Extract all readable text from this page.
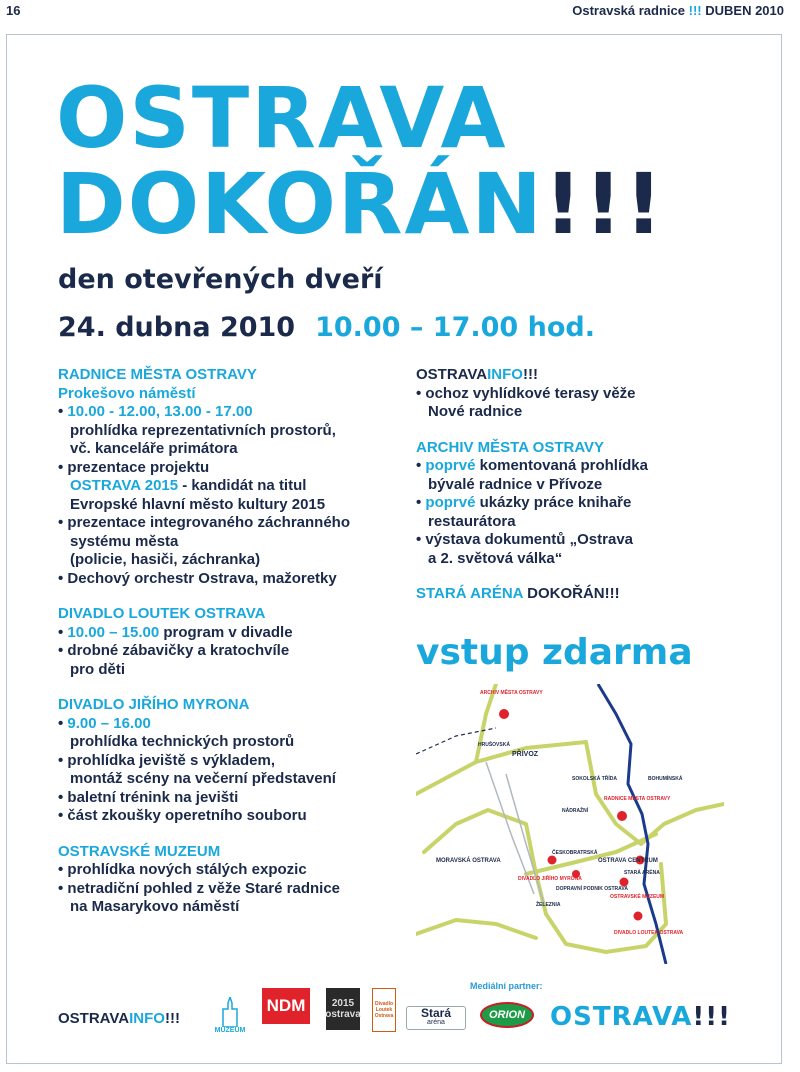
16	Ostravská radnice !!! DUBEN 2010
OSTRAVA
DOKOŘÁN!!!
den otevřených dveří
24. dubna 2010 10.00 – 17.00 hod.
RADNICE MĚSTA OSTRAVY
Prokešovo náměstí
• 10.00 - 12.00, 13.00 - 17.00
prohlídka reprezentativních prostorů,
vč. kanceláře primátora
• prezentace projektu
OSTRAVA 2015 - kandidát na titul
Evropské hlavní město kultury 2015
• prezentace integrovaného záchranného
systému města
(policie, hasiči, záchranka)
• Dechový orchestr Ostrava, mažoretky
DIVADLO LOUTEK OSTRAVA
• 10.00 – 15.00 program v divadle
• drobné zábavičky a kratochvíle
pro děti
DIVADLO JIŘÍHO MYRONA
• 9.00 – 16.00
prohlídka technických prostorů
• prohlídka jeviště s výkladem,
montáž scény na večerní představení
• baletní trénink na jevišti
• část zkoušky operetního souboru
OSTRAVSKÉ MUZEUM
• prohlídka nových stálých expozic
• netradiční pohled z věže Staré radnice
na Masarykovo náměstí
OSTRAVAINFO!!!
• ochoz vyhlídkové terasy věže
Nové radnice
ARCHIV MĚSTA OSTRAVY
• poprvé komentovaná prohlídka
bývalé radnice v Přívoze
• poprvé ukázky práce knihaře
restaurátora
• výstava dokumentů „Ostrava
a 2. světová válka“
STARÁ ARÉNA DOKOŘÁN!!!
vstup zdarma
ARCHIV MĚSTA OSTRAVY
PŘÍVOZ
HRUŠOVSKÁ
RADNICE MĚSTA OSTRAVY
NÁDRAŽNÍ
ČESKOBRATRSKÁ
MORAVSKÁ OSTRAVA	OSTRAVA CENTRUM
STARÁ ARÉNA
DIVADLO JIŘÍHO MYRONA
DOPRAVNÍ PODNIK OSTRAVA
OSTRAVSKÉ MUZEUM
ŽELEZNIA
DIVADLO LOUTEK OSTRAVA
BOHUMÍNSKÁ
SOKOLSKÁ TŘÍDA
Mediální partner:
OSTRAVAINFO!!!
MUZEUM
NDM	2015
ostrava
Divadlo
Loutek
Ostrava Stará
aréna
ORION OSTRAVA!!!
